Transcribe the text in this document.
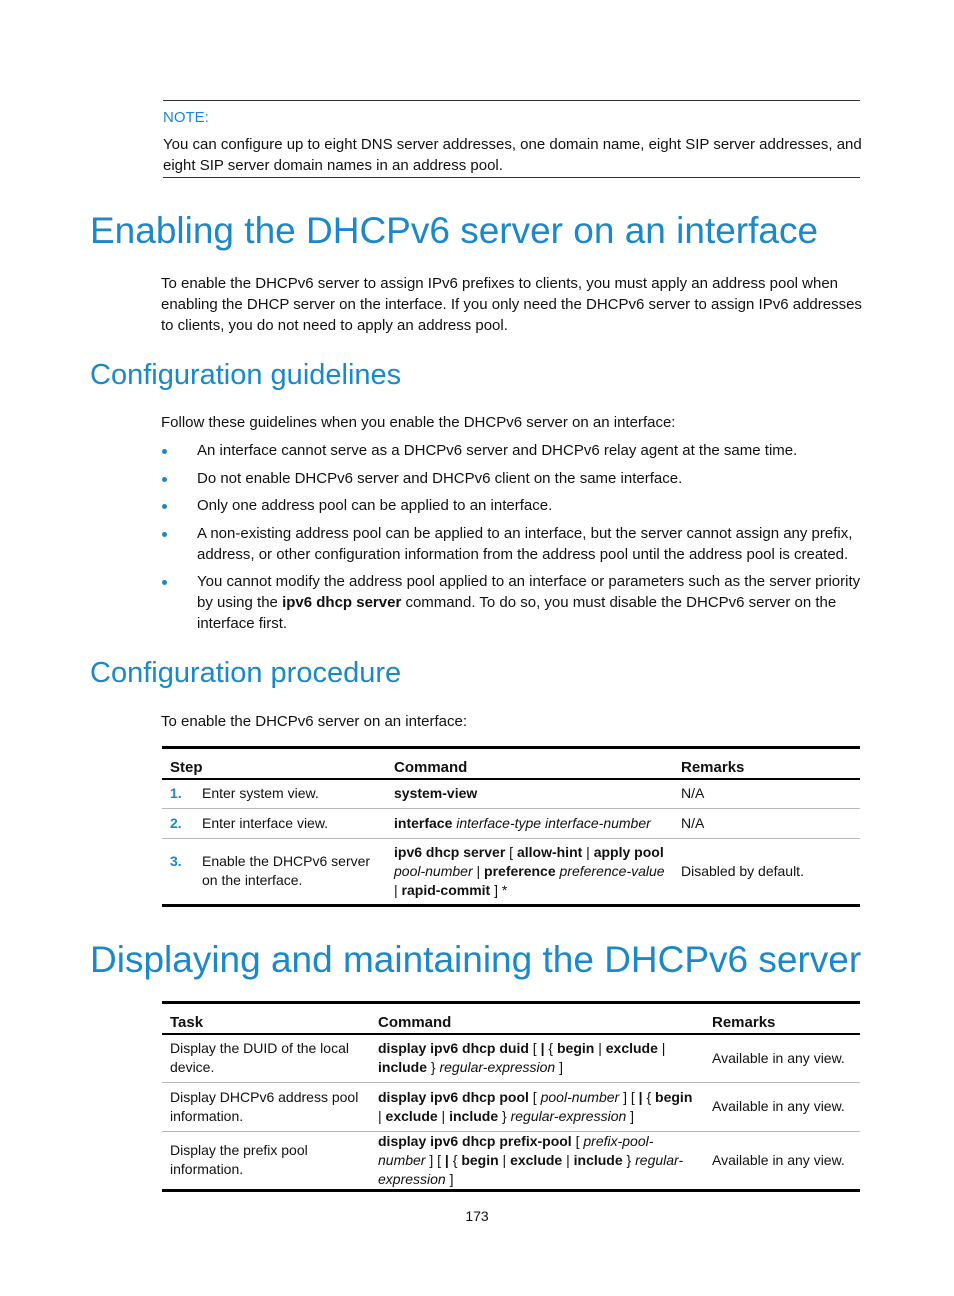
NOTE:
You can configure up to eight DNS server addresses, one domain name, eight SIP server addresses, and eight SIP server domain names in an address pool.
Enabling the DHCPv6 server on an interface
To enable the DHCPv6 server to assign IPv6 prefixes to clients, you must apply an address pool when enabling the DHCP server on the interface. If you only need the DHCPv6 server to assign IPv6 addresses to clients, you do not need to apply an address pool.
Configuration guidelines
Follow these guidelines when you enable the DHCPv6 server on an interface:
An interface cannot serve as a DHCPv6 server and DHCPv6 relay agent at the same time.
Do not enable DHCPv6 server and DHCPv6 client on the same interface.
Only one address pool can be applied to an interface.
A non-existing address pool can be applied to an interface, but the server cannot assign any prefix, address, or other configuration information from the address pool until the address pool is created.
You cannot modify the address pool applied to an interface or parameters such as the server priority by using the ipv6 dhcp server command. To do so, you must disable the DHCPv6 server on the interface first.
Configuration procedure
To enable the DHCPv6 server on an interface:
Step	Command	Remarks
1. Enter system view.	system-view	N/A
2. Enter interface view.	interface interface-type interface-number	N/A
3. Enable the DHCPv6 server on the interface.	ipv6 dhcp server [ allow-hint | apply pool pool-number | preference preference-value | rapid-commit ] *	Disabled by default.
Displaying and maintaining the DHCPv6 server
Task	Command	Remarks
Display the DUID of the local device.	display ipv6 dhcp duid [ | { begin | exclude | include } regular-expression ]	Available in any view.
Display DHCPv6 address pool information.	display ipv6 dhcp pool [ pool-number ] [ | { begin | exclude | include } regular-expression ]	Available in any view.
Display the prefix pool information.	display ipv6 dhcp prefix-pool [ prefix-pool-number ] [ | { begin | exclude | include } regular-expression ]	Available in any view.
173
